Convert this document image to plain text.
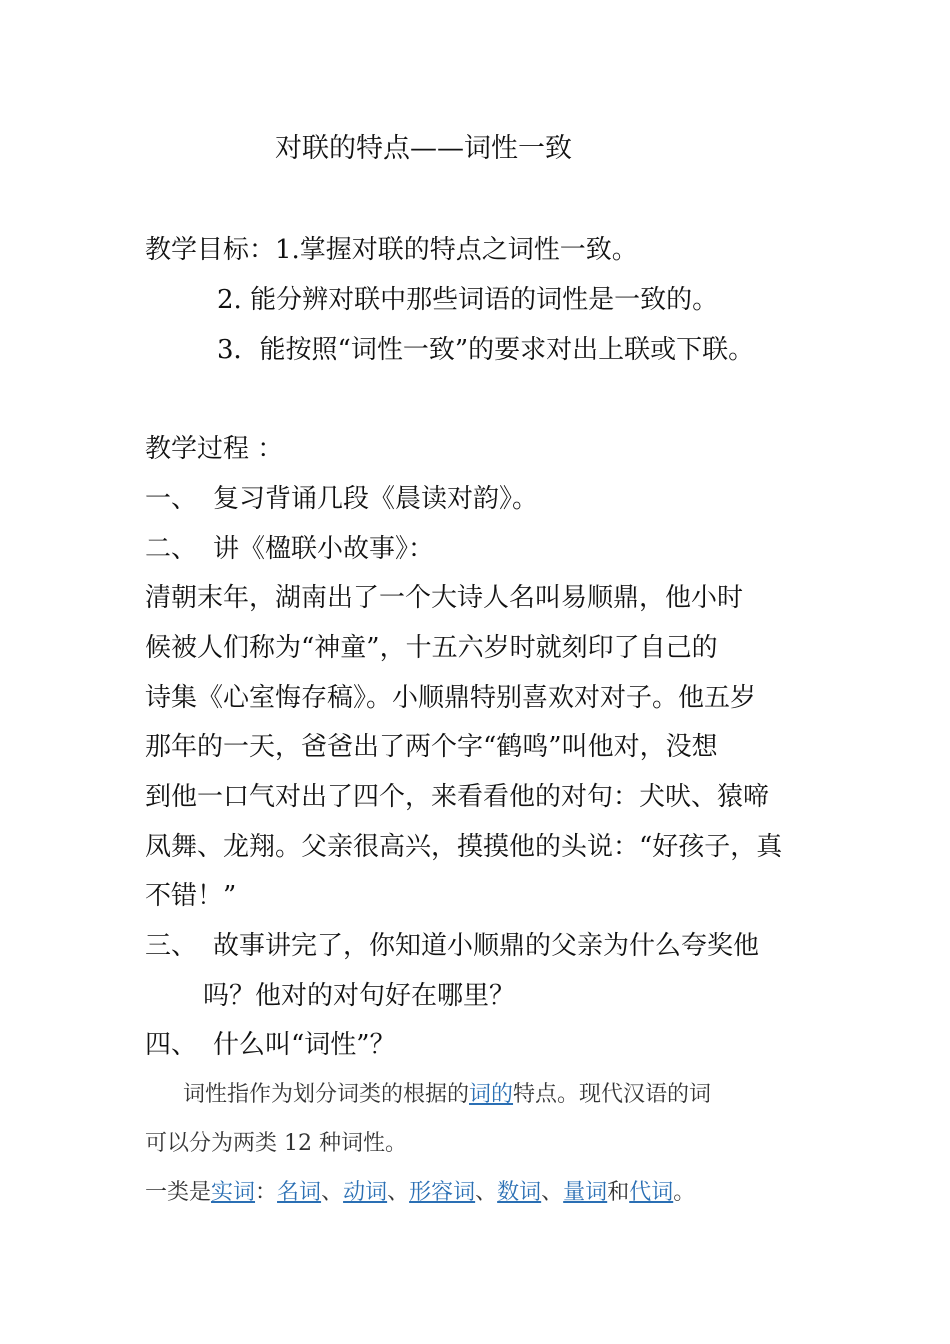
对联的特点——词性一致
教学目标：1.掌握对联的特点之词性一致。
2. 能分辨对联中那些词语的词性是一致的。
3．能按照“词性一致”的要求对出上联或下联。
教学过程 ：
一、 复习背诵几段《晨读对韵》。
二、 讲《楹联小故事》：
清朝末年，湖南出了一个大诗人名叫易顺鼎，他小时
候被人们称为“神童”，十五六岁时就刻印了自己的
诗集《心室悔存稿》。小顺鼎特别喜欢对对子。他五岁
那年的一天，爸爸出了两个字“鹤鸣”叫他对，没想
到他一口气对出了四个，来看看他的对句：犬吠、猿啼
凤舞、龙翔。父亲很高兴，摸摸他的头说：“好孩子，真
不错！”
三、 故事讲完了，你知道小顺鼎的父亲为什么夸奖他
吗？他对的对句好在哪里？
四、 什么叫“词性”？
词性指作为划分词类的根据的词的特点。现代汉语的词
可以分为两类 12 种词性。
一类是实词：名词、动词、形容词、数词、量词和代词。
